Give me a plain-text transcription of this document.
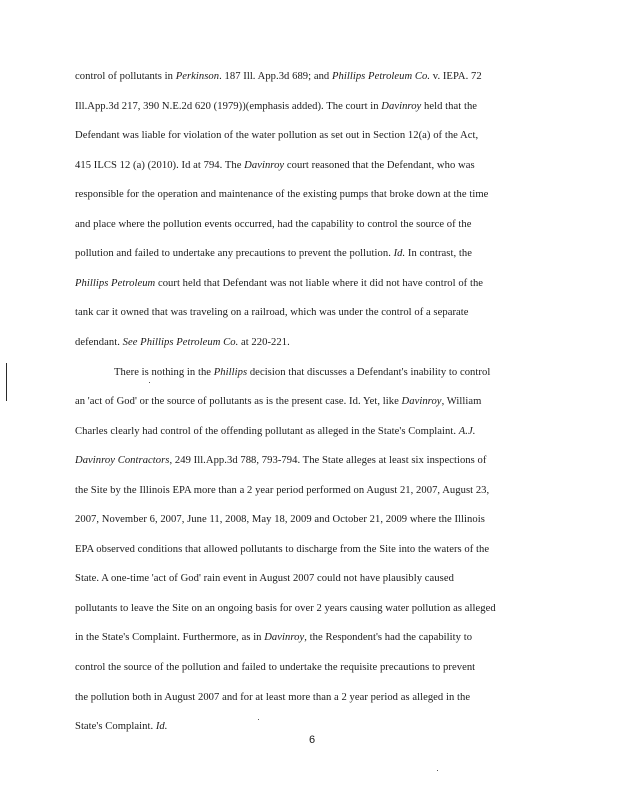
control of pollutants in Perkinson. 187 Ill. App.3d 689; and Phillips Petroleum Co. v. IEPA. 72
Ill.App.3d 217, 390 N.E.2d 620 (1979))(emphasis added). The court in Davinroy held that the
Defendant was liable for violation of the water pollution as set out in Section 12(a) of the Act,
415 ILCS 12 (a) (2010). Id at 794. The Davinroy court reasoned that the Defendant, who was
responsible for the operation and maintenance of the existing pumps that broke down at the time
and place where the pollution events occurred, had the capability to control the source of the
pollution and failed to undertake any precautions to prevent the pollution. Id. In contrast, the
Phillips Petroleum court held that Defendant was not liable where it did not have control of the
tank car it owned that was traveling on a railroad, which was under the control of a separate
defendant. See Phillips Petroleum Co. at 220-221.
There is nothing in the Phillips decision that discusses a Defendant's inability to control
an 'act of God' or the source of pollutants as is the present case. Id. Yet, like Davinroy, William
Charles clearly had control of the offending pollutant as alleged in the State's Complaint. A.J.
Davinroy Contractors, 249 Ill.App.3d 788, 793-794. The State alleges at least six inspections of
the Site by the Illinois EPA more than a 2 year period performed on August 21, 2007, August 23,
2007, November 6, 2007, June 11, 2008, May 18, 2009 and October 21, 2009 where the Illinois
EPA observed conditions that allowed pollutants to discharge from the Site into the waters of the
State. A one-time 'act of God' rain event in August 2007 could not have plausibly caused
pollutants to leave the Site on an ongoing basis for over 2 years causing water pollution as alleged
in the State's Complaint. Furthermore, as in Davinroy, the Respondent's had the capability to
control the source of the pollution and failed to undertake the requisite precautions to prevent
the pollution both in August 2007 and for at least more than a 2 year period as alleged in the
State's Complaint. Id.
6
